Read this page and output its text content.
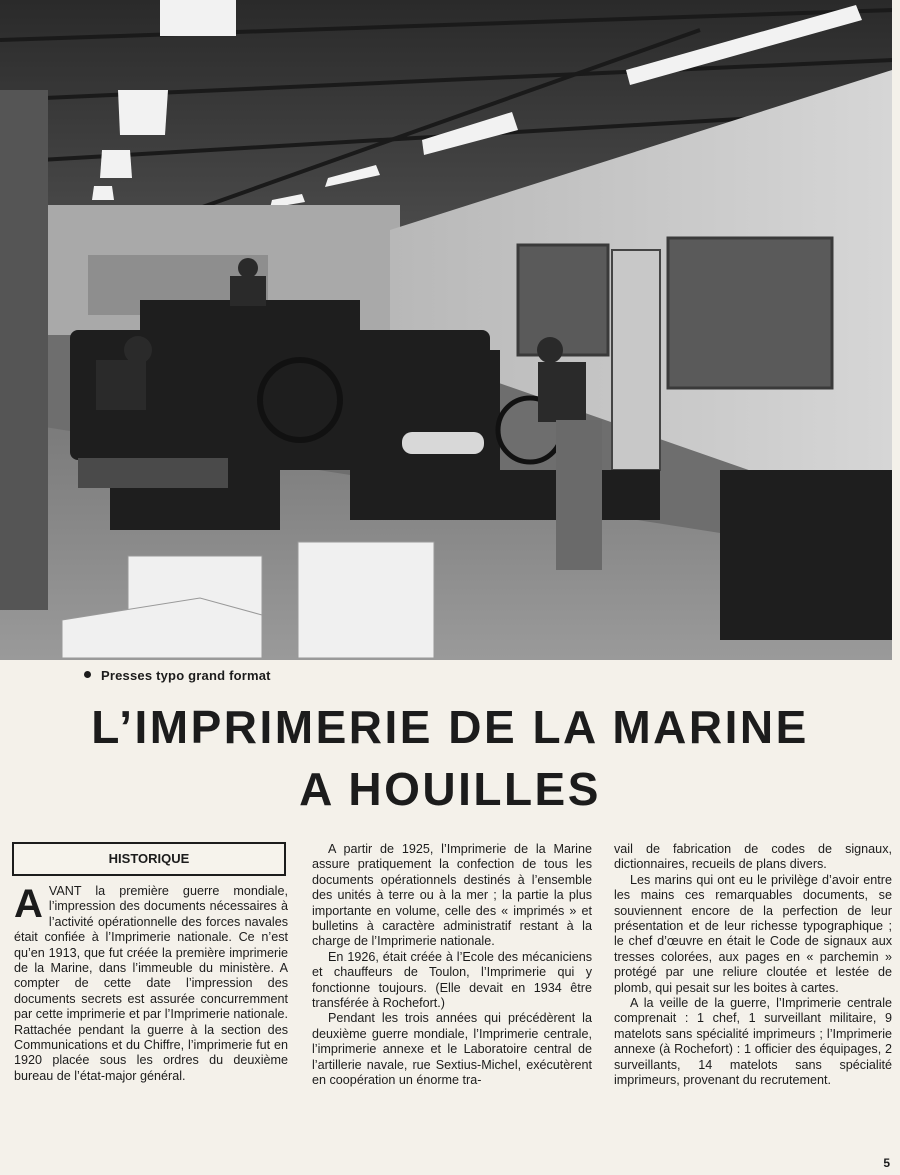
Presses typo grand format
L’IMPRIMERIE DE LA MARINE
A HOUILLES
HISTORIQUE

AVANT la première guerre mondiale, l’impression des documents nécessaires à l’activité opérationnelle des forces navales était confiée à l’Imprimerie nationale. Ce n’est qu’en 1913, que fut créée la première imprimerie de la Marine, dans l’immeuble du ministère. A compter de cette date l’impression des documents secrets est assurée concurremment par cette imprimerie et par l’Imprimerie nationale. Rattachée pendant la guerre à la section des Communications et du Chiffre, l’imprimerie fut en 1920 placée sous les ordres du deuxième bureau de l’état-major général.

A partir de 1925, l’Imprimerie de la Marine assure pratiquement la confection de tous les documents opérationnels destinés à l’ensemble des unités à terre ou à la mer ; la partie la plus importante en volume, celle des « imprimés » et bulletins à caractère administratif restant à la charge de l’Imprimerie nationale.

En 1926, était créée à l’Ecole des mécaniciens et chauffeurs de Toulon, l’Imprimerie qui y fonctionne toujours. (Elle devait en 1934 être transférée à Rochefort.)

Pendant les trois années qui précédèrent la deuxième guerre mondiale, l’Imprimerie centrale, l’imprimerie annexe et le Laboratoire central de l’artillerie navale, rue Sextius-Michel, exécutèrent en coopération un énorme tra-

vail de fabrication de codes de signaux, dictionnaires, recueils de plans divers.

Les marins qui ont eu le privilège d’avoir entre les mains ces remarquables documents, se souviennent encore de la perfection de leur présentation et de leur richesse typographique ; le chef d’œuvre en était le Code de signaux aux tresses colorées, aux pages en « parchemin » protégé par une reliure cloutée et lestée de plomb, qui pesait sur les boites à cartes.

A la veille de la guerre, l’Imprimerie centrale comprenait : 1 chef, 1 surveillant militaire, 9 matelots sans spécialité imprimeurs ; l’Imprimerie annexe (à Rochefort) : 1 officier des équipages, 2 surveillants, 14 matelots sans spécialité imprimeurs, provenant du recrutement.

5
